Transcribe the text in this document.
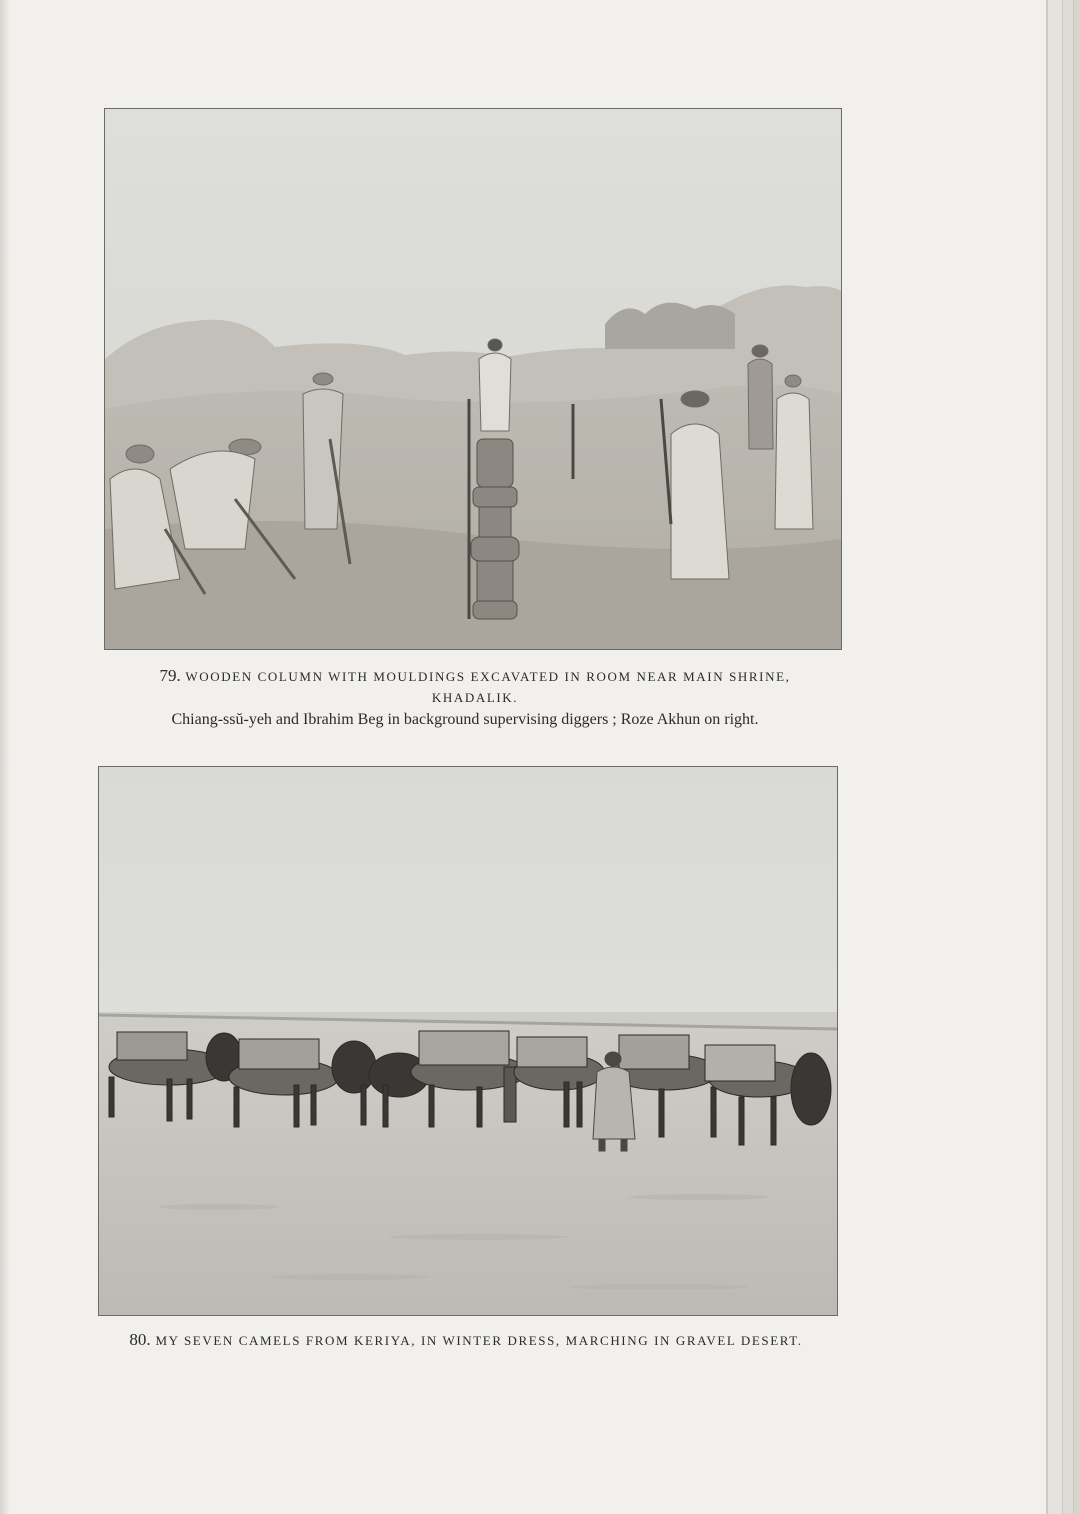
79. WOODEN COLUMN WITH MOULDINGS EXCAVATED IN ROOM NEAR MAIN SHRINE,
KHADALIK.
Chiang-ssŭ-yeh and Ibrahim Beg in background supervising diggers ; Roze Akhun on right.
80. MY SEVEN CAMELS FROM KERIYA, IN WINTER DRESS, MARCHING IN GRAVEL DESERT.
